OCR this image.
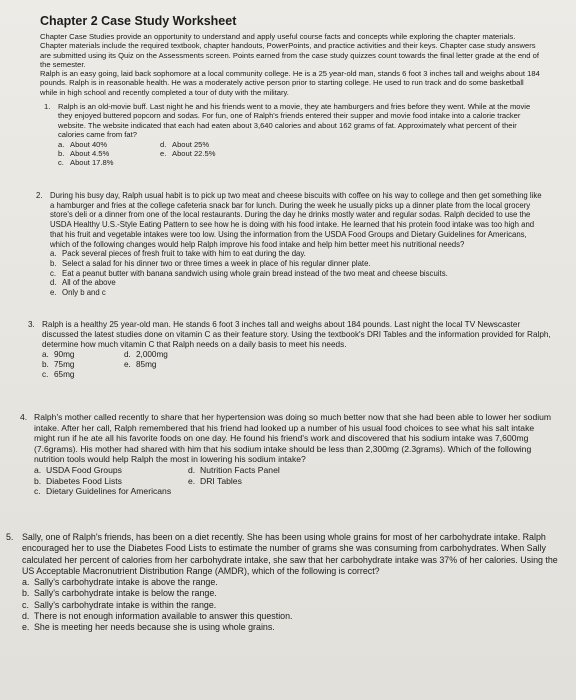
Chapter 2 Case Study Worksheet

Chapter Case Studies provide an opportunity to understand and apply useful course facts and concepts while exploring the chapter materials. Chapter materials include the required textbook, chapter handouts, PowerPoints, and practice activities and their keys. Chapter case study answers are submitted using its Quiz on the Assessments screen. Points earned from the case study quizzes count towards the final letter grade at the end of the semester.

Ralph is an easy going, laid back sophomore at a local community college. He is a 25 year-old man, stands 6 foot 3 inches tall and weighs about 184 pounds. Ralph is in reasonable health. He was a moderately active person prior to starting college. He used to run track and do some basketball while in high school and recently completed a tour of duty with the military.

1.	Ralph is an old-movie buff. Last night he and his friends went to a movie, they ate hamburgers and fries before they went. While at the movie they enjoyed buttered popcorn and sodas. For fun, one of Ralph's friends entered their supper and movie food intake into a calorie tracker website. The website indicated that each had eaten about 3,640 calories and about 162 grams of fat. Approximately what percent of their calories came from fat?
a. About 40%	d. About 25%
b. About 4.5%	e. About 22.5%
c. About 17.8%
2. During his busy day, Ralph usual habit is to pick up two meat and cheese biscuits with coffee on his way to college and then get something like a hamburger and fries at the college cafeteria snack bar for lunch. During the week he usually picks up a dinner plate from the local grocery store's deli or a dinner from one of the local restaurants. During the day he drinks mostly water and regular sodas. Ralph decided to use the USDA Healthy U.S.-Style Eating Pattern to see how he is doing with his food intake. He learned that his protein food intake was too high and that his fruit and vegetable intakes were too low. Using the information from the USDA Food Groups and Dietary Guidelines for Americans, which of the following changes would help Ralph improve his food intake and help him better meet his nutritional needs?
a. Pack several pieces of fresh fruit to take with him to eat during the day.
b. Select a salad for his dinner two or three times a week in place of his regular dinner plate.
c. Eat a peanut butter with banana sandwich using whole grain bread instead of the two meat and cheese biscuits.
d. All of the above
e. Only b and c
3. Ralph is a healthy 25 year-old man. He stands 6 foot 3 inches tall and weighs about 184 pounds. Last night the local TV Newscaster discussed the latest studies done on vitamin C as their feature story. Using the textbook's DRI Tables and the information provided for Ralph, determine how much vitamin C that Ralph needs on a daily basis to meet his needs.
a. 90mg	d. 2,000mg
b. 75mg	e. 85mg
c. 65mg
4. Ralph's mother called recently to share that her hypertension was doing so much better now that she had been able to lower her sodium intake. After her call, Ralph remembered that his friend had looked up a number of his usual food choices to see what his salt intake might run if he ate all his favorite foods on one day. He found his friend's work and discovered that his sodium intake was 7,600mg (7.6grams). His mother had shared with him that his sodium intake should be less than 2,300mg (2.3grams). Which of the following nutrition tools would help Ralph the most in lowering his sodium intake?
a. USDA Food Groups	d. Nutrition Facts Panel
b. Diabetes Food Lists	e. DRI Tables
c. Dietary Guidelines for Americans
5. Sally, one of Ralph's friends, has been on a diet recently. She has been using whole grains for most of her carbohydrate intake. Ralph encouraged her to use the Diabetes Food Lists to estimate the number of grams she was consuming from carbohydrates. When Sally calculated her percent of calories from her carbohydrate intake, she saw that her carbohydrate intake was 37% of her calories. Using the US Acceptable Macronutrient Distribution Range (AMDR), which of the following is correct?
a. Sally's carbohydrate intake is above the range.
b. Sally's carbohydrate intake is below the range.
c. Sally's carbohydrate intake is within the range.
d. There is not enough information available to answer this question.
e. She is meeting her needs because she is using whole grains.
